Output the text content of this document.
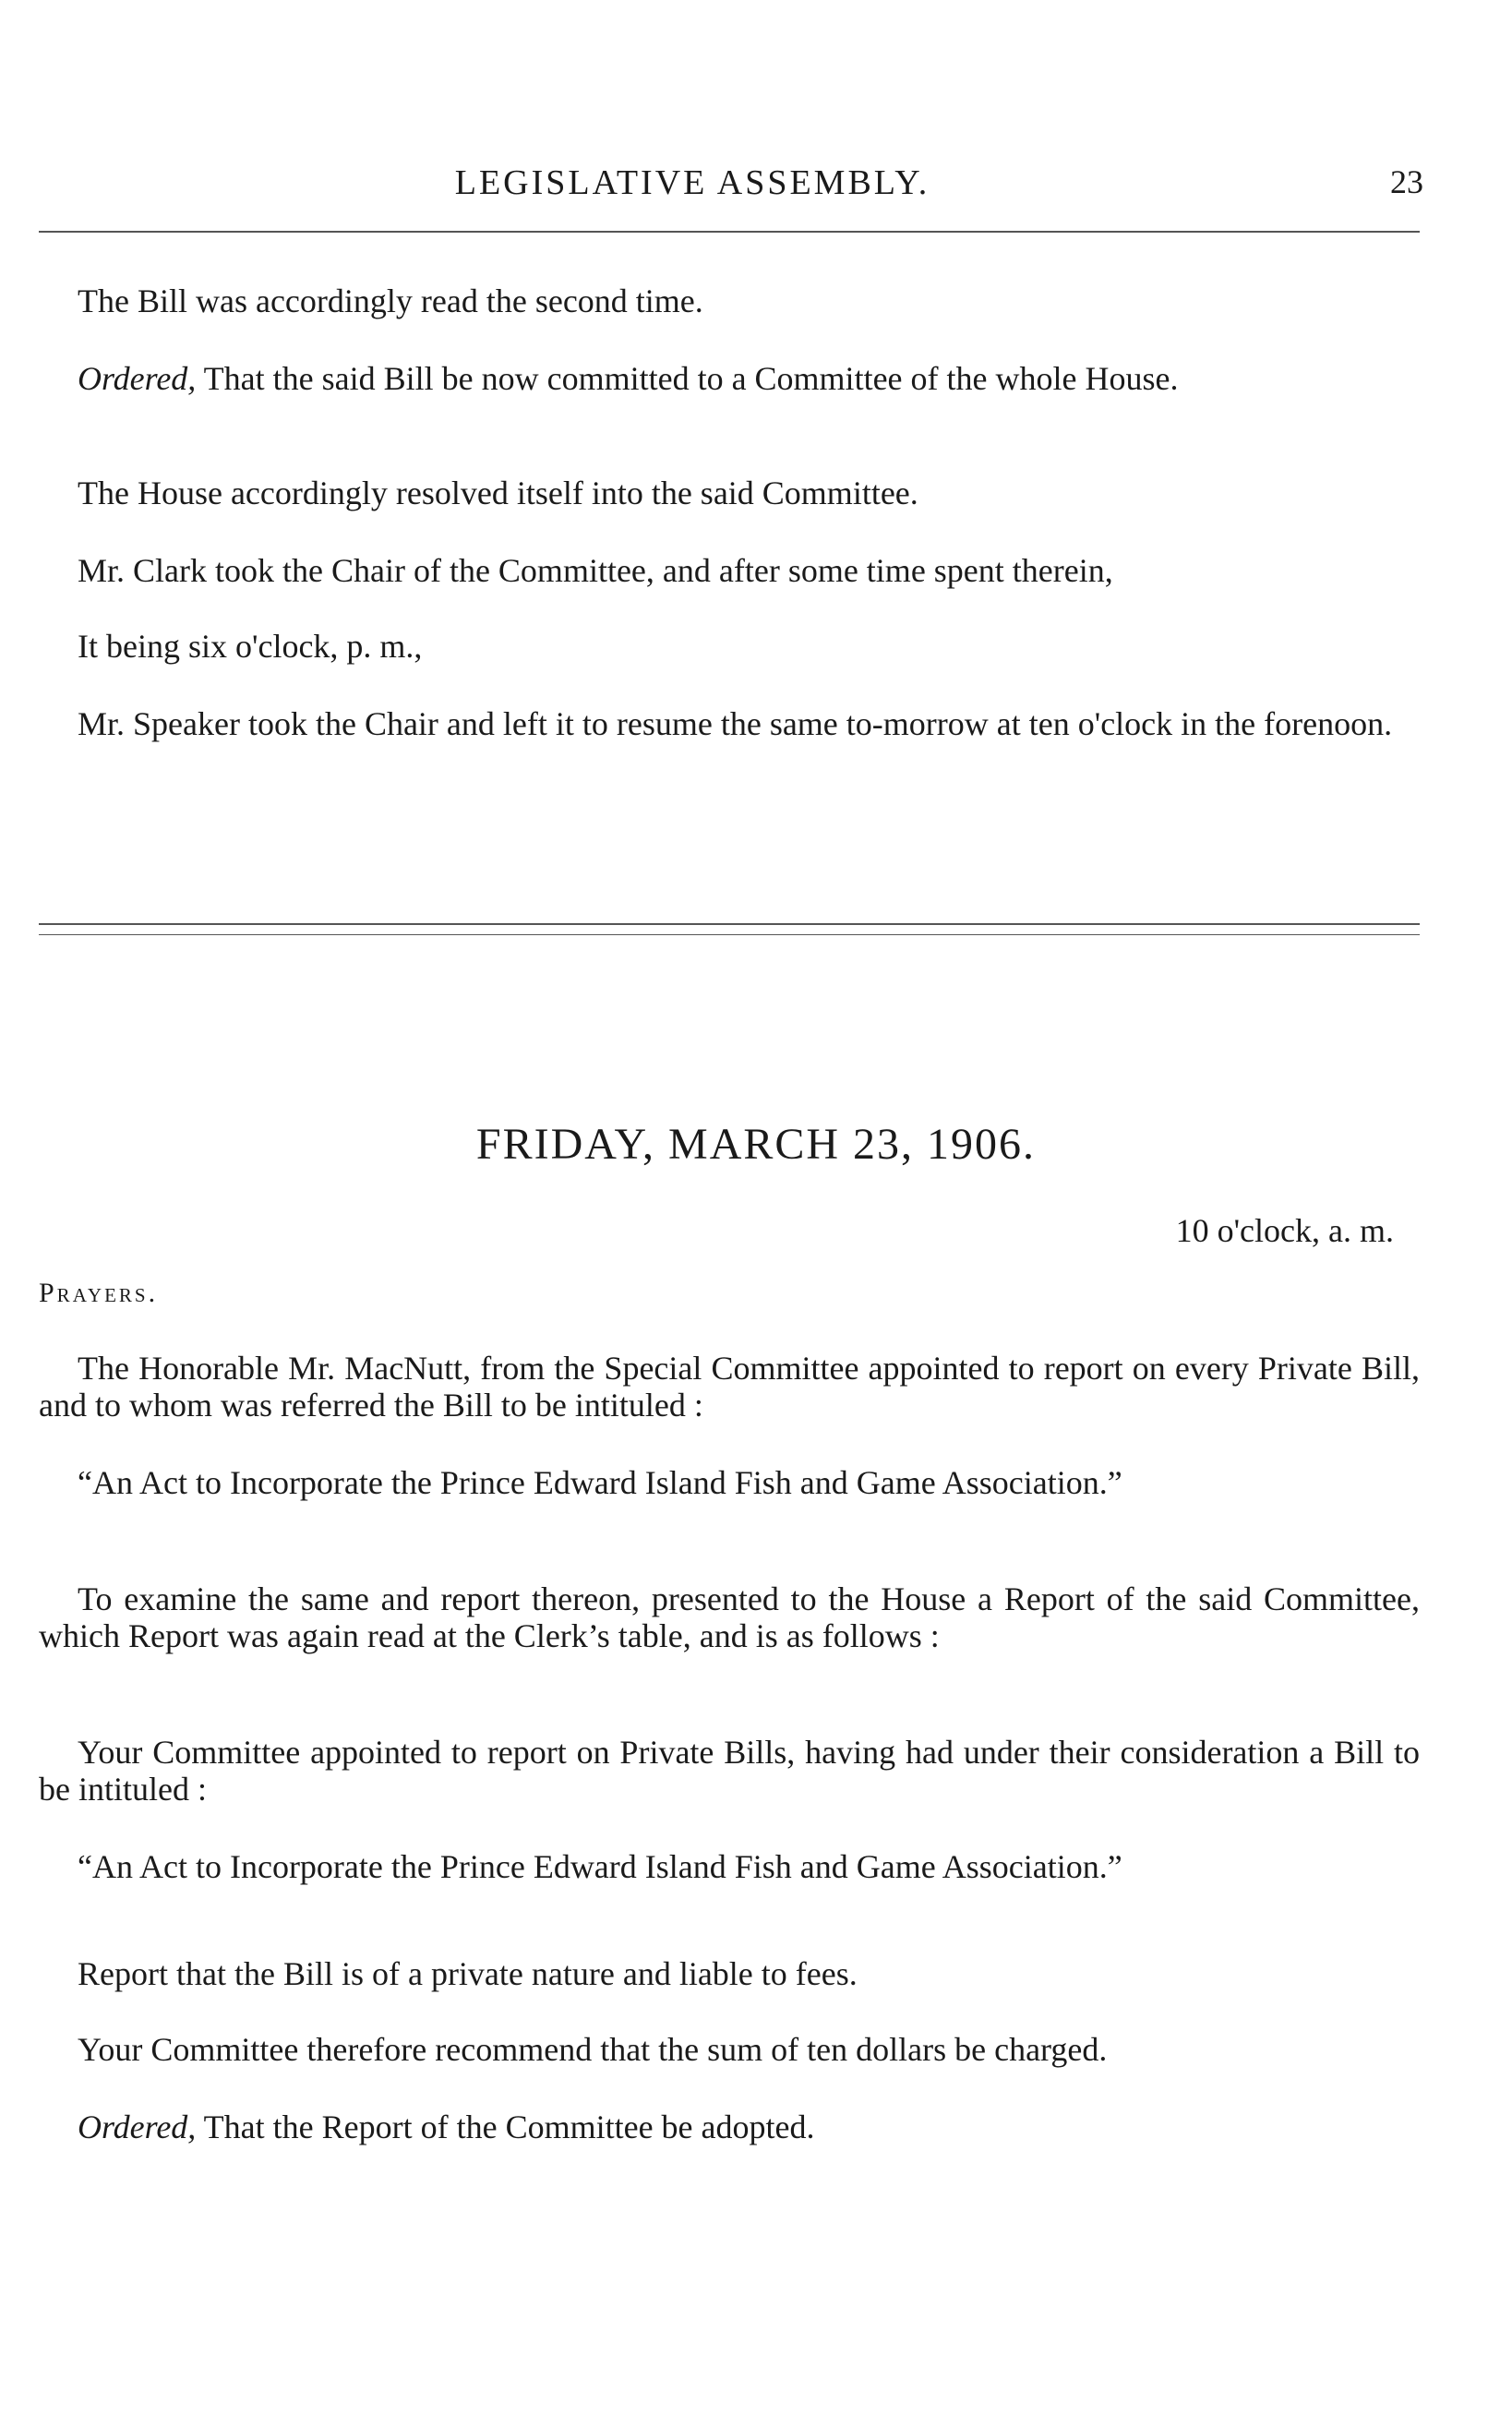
LEGISLATIVE ASSEMBLY.	23
The Bill was accordingly read the second time.
Ordered, That the said Bill be now committed to a Committee of the whole House.
The House accordingly resolved itself into the said Committee.
Mr. Clark took the Chair of the Committee, and after some time spent therein,
It being six o'clock, p. m.,
Mr. Speaker took the Chair and left it to resume the same to-morrow at ten o'clock in the forenoon.
FRIDAY, MARCH 23, 1906.
10 o'clock, a. m.
Prayers.
The Honorable Mr. MacNutt, from the Special Committee appointed to report on every Private Bill, and to whom was referred the Bill to be intituled :
“An Act to Incorporate the Prince Edward Island Fish and Game Association.”
To examine the same and report thereon, presented to the House a Report of the said Committee, which Report was again read at the Clerk’s table, and is as follows :
Your Committee appointed to report on Private Bills, having had under their consideration a Bill to be intituled :
“An Act to Incorporate the Prince Edward Island Fish and Game Association.”
Report that the Bill is of a private nature and liable to fees.
Your Committee therefore recommend that the sum of ten dollars be charged.
Ordered, That the Report of the Committee be adopted.
